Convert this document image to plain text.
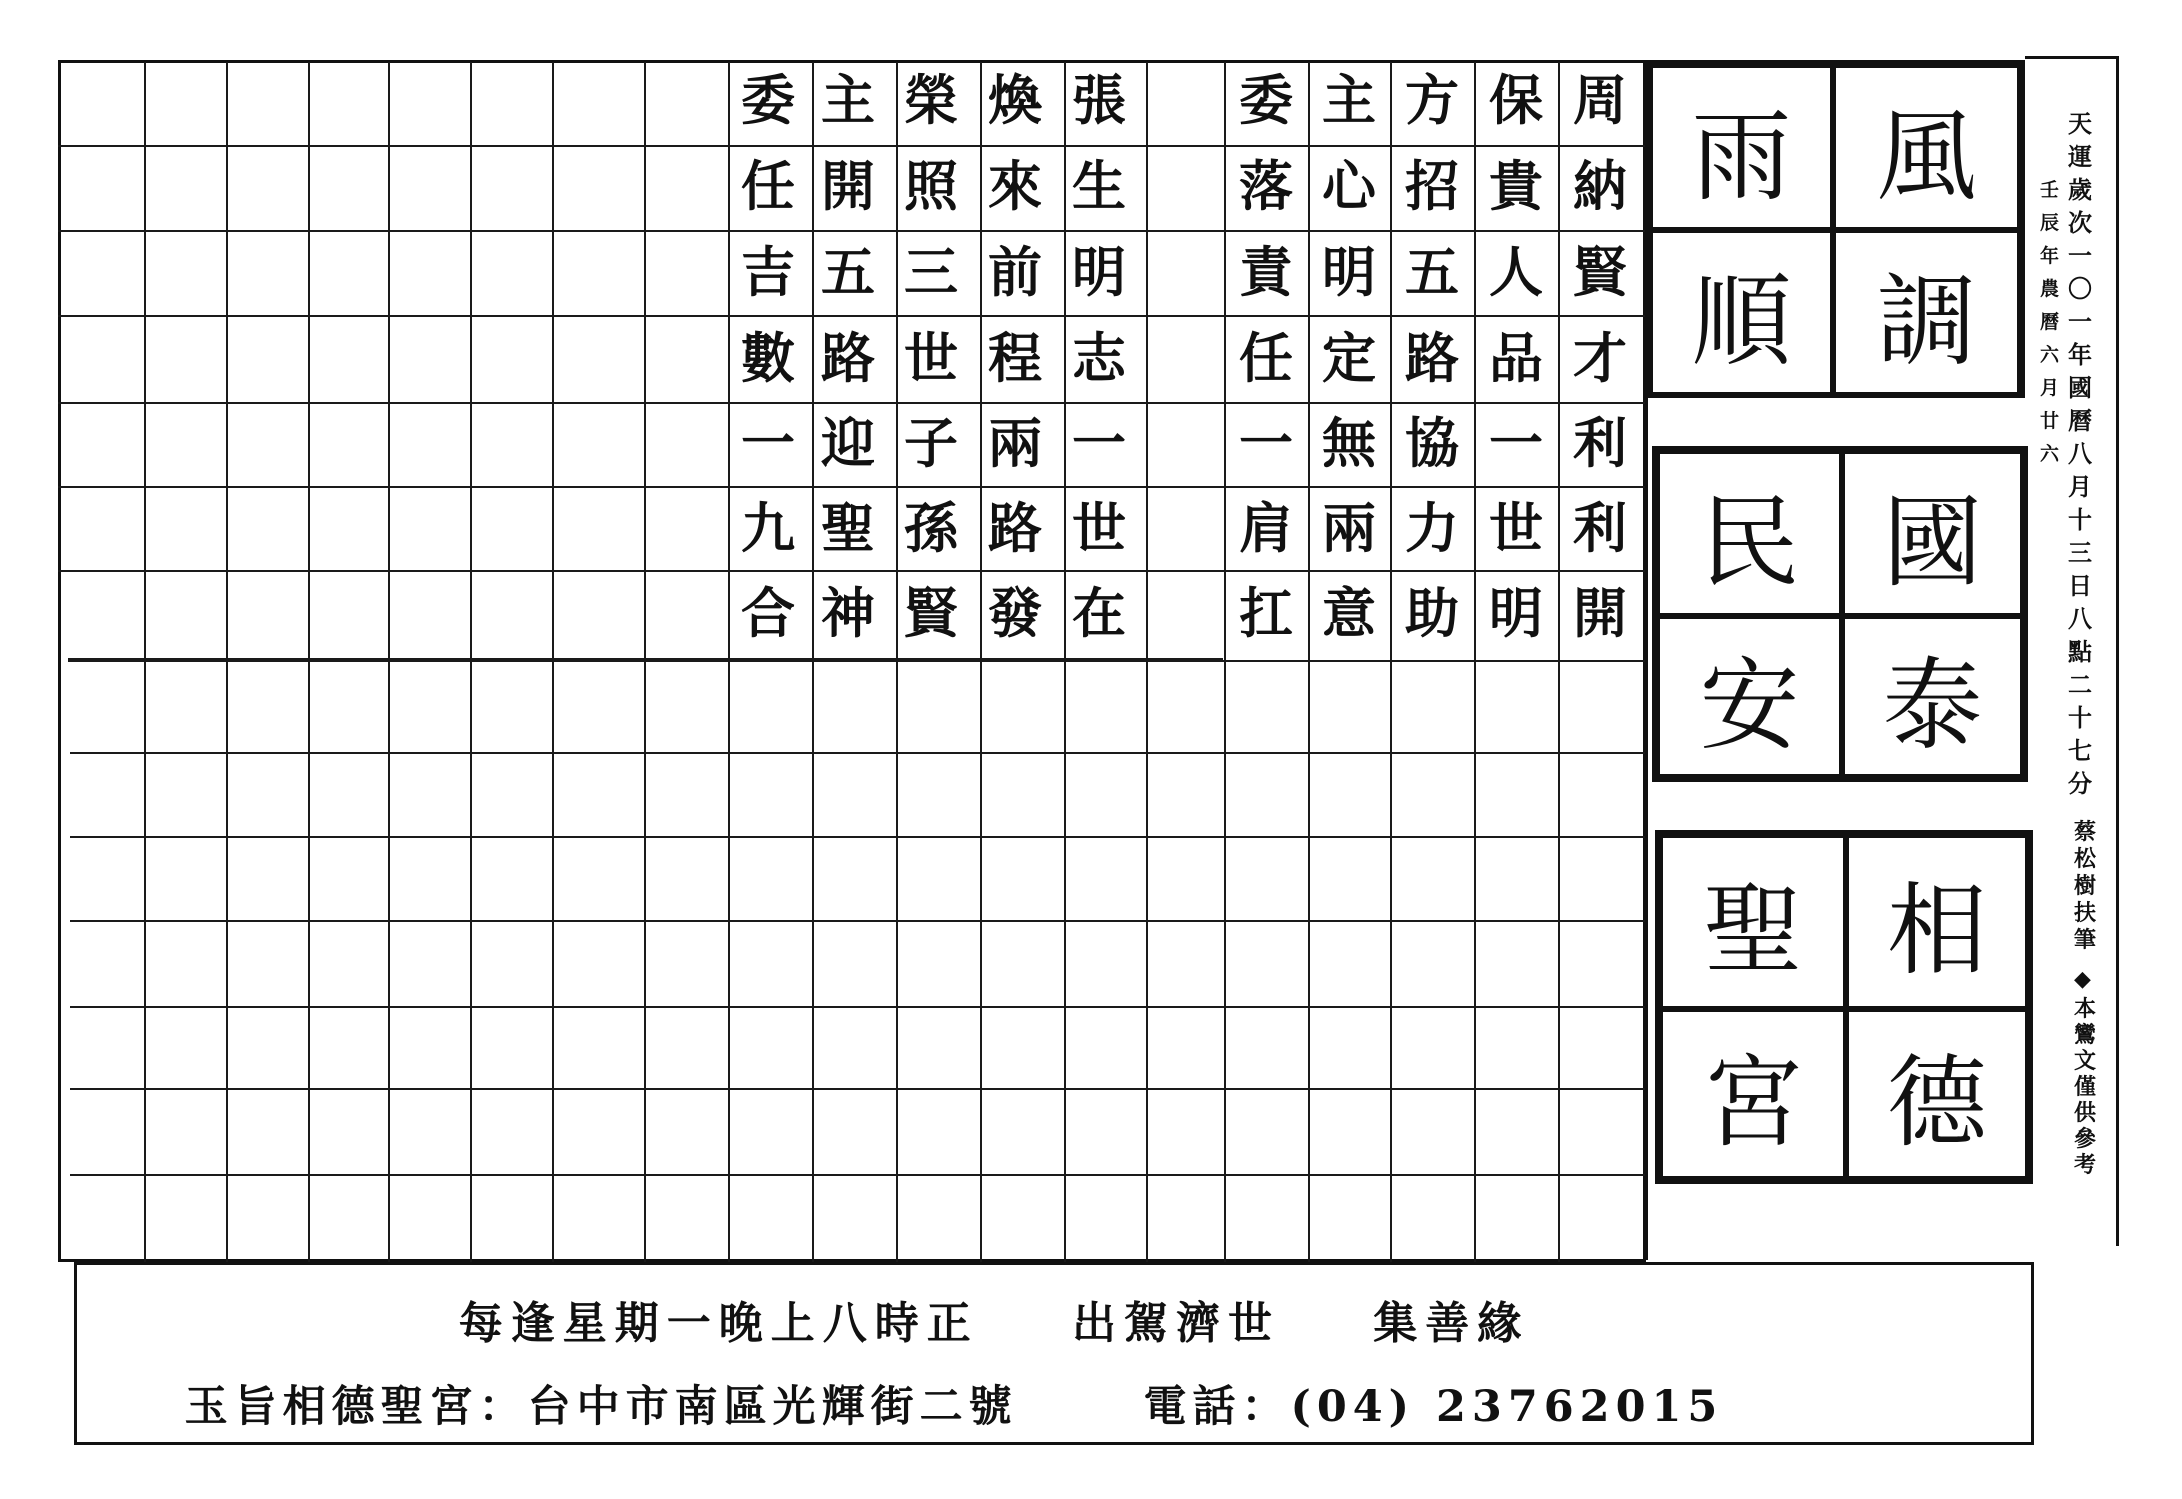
周
納
賢
才
利
利
開
保
貴
人
品
一
世
明
方
招
五
路
協
力
助
主
心
明
定
無
兩
意
委
落
責
任
一
肩
扛
張
生
明
志
一
世
在
煥
來
前
程
兩
路
發
榮
照
三
世
子
孫
賢
主
開
五
路
迎
聖
神
委
任
吉
數
一
九
合
風
調
雨
順
國
泰
民
安
相
德
聖
宮
天
運
歲
次
一
〇
一
年
國
曆
八
月
十
三
日
八
點
二
十
七
分
壬
辰
年
農
曆
六
月
廿
六
蔡
松
樹
扶
筆
◆
本
鸞
文
僅
供
參
考
每逢星期一晚上八時正    出駕濟世    集善緣
玉旨相德聖宮：台中市南區光輝街二號      電話：(04) 23762015
